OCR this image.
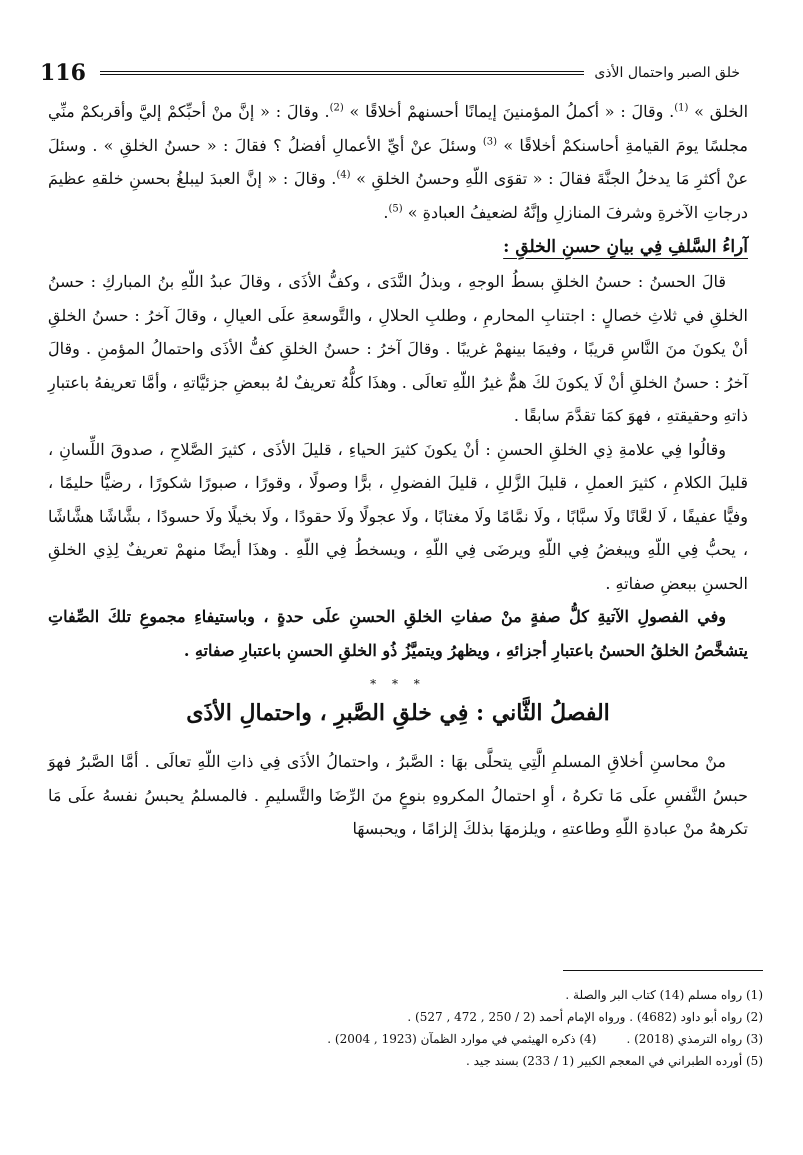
116	خلق الصبر واحتمال الأذى

الخلق » $^{(1)}$. وقالَ : « أكملُ المؤمنينَ إيمانًا أحسنهمْ أخلاقًا » $^{(2)}$. وقالَ : « إنَّ منْ أحبِّكمْ إليَّ وأقربكمْ منِّي مجلسًا يومَ القيامةِ أحاسنكمْ أخلاقًا » $^{(3)}$ وسئلَ عنْ أيِّ الأعمالِ أفضلُ ؟ فقالَ : « حسنُ الخلقِ » . وسئلَ عنْ أكثرِ مَا يدخلُ الجنَّةَ فقالَ : « تقوَى اللّهِ وحسنُ الخلقِ » $^{(4)}$. وقالَ : « إنَّ العبدَ ليبلغُ بحسنِ خلقهِ عظيمَ درجاتِ الآخرةِ وشرفَ المنازلِ وإنَّهُ لضعيفُ العبادةِ » $^{(5)}$.

آراءُ السَّلفِ فِي بيانِ حسنِ الخلقِ :

قالَ الحسنُ : حسنُ الخلقِ بسطُ الوجهِ ، وبذلُ النَّدَى ، وكفُّ الأذَى ، وقالَ عبدُ اللّهِ بنُ المباركِ : حسنُ الخلقِ في ثلاثِ خصالٍ : اجتنابِ المحارمِ ، وطلبِ الحلالِ ، والتَّوسعةِ علَى العيالِ ، وقالَ آخرُ : حسنُ الخلقِ أنْ يكونَ منَ النَّاسِ قريبًا ، وفيمَا بينهمْ غريبًا . وقالَ آخرُ : حسنُ الخلقِ كفُّ الأذَى واحتمالُ المؤمنِ . وقالَ آخرُ : حسنُ الخلقِ أنْ لَا يكونَ لكَ همٌّ غيرُ اللّهِ تعالَى . وهذَا كلُّهُ تعريفٌ لهُ ببعضِ جزئيَّاتهِ ، وأمَّا تعريفهُ باعتبارِ ذاتهِ وحقيقتهِ ، فهوَ كمَا تقدَّمَ سابقًا .

وقالُوا فِي علامةِ ذِي الخلقِ الحسنِ : أنْ يكونَ كثيرَ الحياءِ ، قليلَ الأذَى ، كثيرَ الصَّلاحِ ، صدوقَ اللِّسانِ ، قليلَ الكلامِ ، كثيرَ العملِ ، قليلَ الزَّللِ ، قليلَ الفضولِ ، برًّا وصولًا ، وقورًا ، صبورًا شكورًا ، رضيًّا حليمًا ، وفيًّا عفيفًا ، لَا لعَّانًا ولَا سبَّابًا ، ولَا نمَّامًا ولَا مغتابًا ، ولَا عجولًا ولَا حقودًا ، ولَا بخيلًا ولَا حسودًا ، بشَّاشًا هشَّاشًا ، يحبُّ فِي اللّهِ ويبغضُ فِي اللّهِ ويرضَى فِي اللّهِ ، ويسخطُ فِي اللّهِ . وهذَا أيضًا منهمْ تعريفٌ لِذِي الخلقِ الحسنِ ببعضِ صفاتهِ .

وفي الفصولِ الآتيةِ كلُّ صفةٍ منْ صفاتِ الخلقِ الحسنِ علَى حدةٍ ، وباستيفاءِ مجموعِ تلكَ الصِّفاتِ يتشخَّصُ الخلقُ الحسنُ باعتبارِ أجزائهِ ، ويظهرُ ويتميَّزُ ذُو الخلقِ الحسنِ باعتبارِ صفاتهِ .

* * *
الفصلُ الثَّاني : فِي خلقِ الصَّبرِ ، واحتمالِ الأذَى

منْ محاسنِ أخلاقِ المسلمِ الَّتِي يتحلَّى بهَا : الصَّبرُ ، واحتمالُ الأذَى فِي ذاتِ اللّهِ تعالَى . أمَّا الصَّبرُ فهوَ حبسُ النَّفسِ علَى مَا تكرهُ ، أوِ احتمالُ المكروهِ بنوعٍ منَ الرِّضَا والتَّسليمِ . فالمسلمُ يحبسُ نفسهُ علَى مَا تكرههُ منْ عبادةِ اللّهِ وطاعتهِ ، ويلزمهَا بذلكَ إلزامًا ، ويحبسهَا

(1) رواه مسلم (14) كتاب البر والصلة .
(2) رواه أبو داود (4682) . ورواه الإمام أحمد (2 / 250 , 472 , 527) .
(3) رواه الترمذي (2018) .
(4) ذكره الهيثمي في موارد الظمآن (1923 , 2004) .
(5) أورده الطبراني في المعجم الكبير (1 / 233) بسند جيد .
